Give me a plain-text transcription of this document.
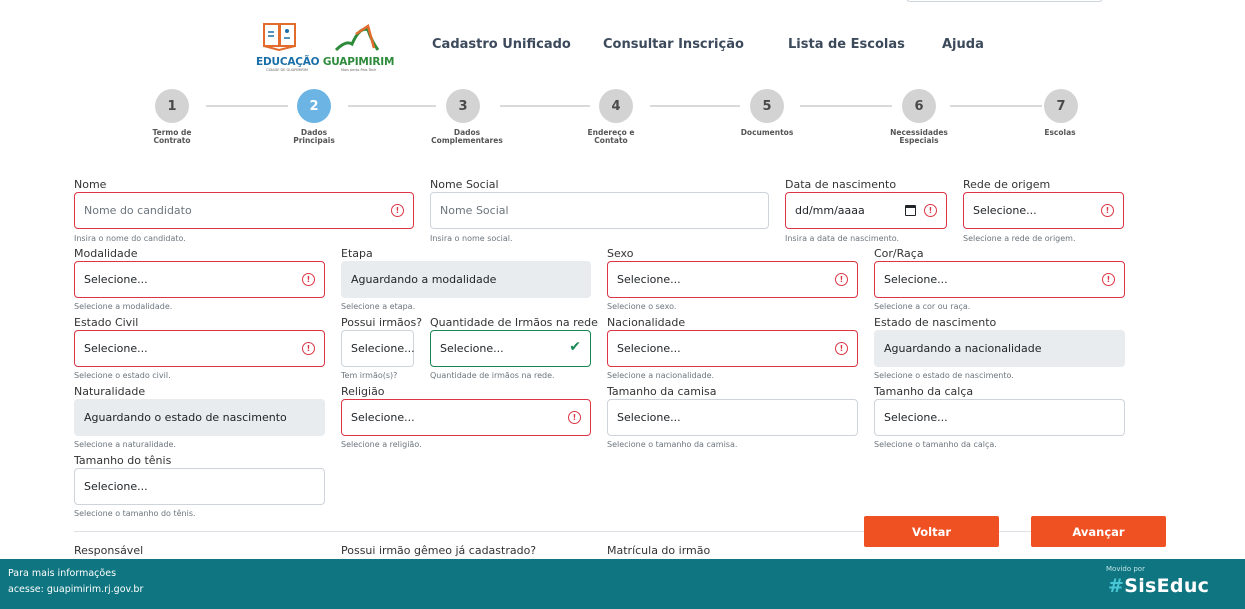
EDUCAÇÃO GUAPIMIRIM
CIDADE DE GUAPIMIRIM	Mais perto Pais Tech
Cadastro Unificado Consultar Inscrição	Lista de Escolas	Ajuda
1	2	3	4	5	6	7
Termo de
Contrato
Dados
Principais
Dados
Complementares
Endereço e
Contato
Documentos	Necessidades
Especiais
Escolas
Nome
Nome do candidato	!
Insira o nome do candidato.
Nome Social
Nome Social
Insira o nome social.
Data de nascimento
dd/mm/aaaa	!
Insira a data de nascimento.
Rede de origem
Selecione...	!
Selecione a rede de origem.
Modalidade
Selecione...	!
Selecione a modalidade.
Etapa
Aguardando a modalidade
Selecione a etapa.
Sexo
Selecione...	!
Selecione o sexo.
Cor/Raça
Selecione...	!
Selecione a cor ou raça.
Estado Civil
Selecione...	!
Selecione o estado civil.
Possui irmãos?
Selecione...
Tem irmão(s)?
Quantidade de Irmãos na rede
Selecione...	✔
Quantidade de irmãos na rede.
Nacionalidade
Selecione...	!
Selecione a nacionalidade.
Estado de nascimento
Aguardando a nacionalidade
Selecione o estado de nascimento.
Naturalidade
Aguardando o estado de nascimento
Selecione a naturalidade.
Religião
Selecione...	!
Selecione a religião.
Tamanho da camisa
Selecione...
Selecione o tamanho da camisa.
Tamanho da calça
Selecione...
Selecione o tamanho da calça.
Tamanho do tênis
Selecione...
Selecione o tamanho do tênis.
Responsável	Possui irmão gêmeo já cadastrado?	Matrícula do irmão
Voltar	Avançar
Para mais informações
acesse: guapimirim.rj.gov.br
Movido por
#SisEduc
